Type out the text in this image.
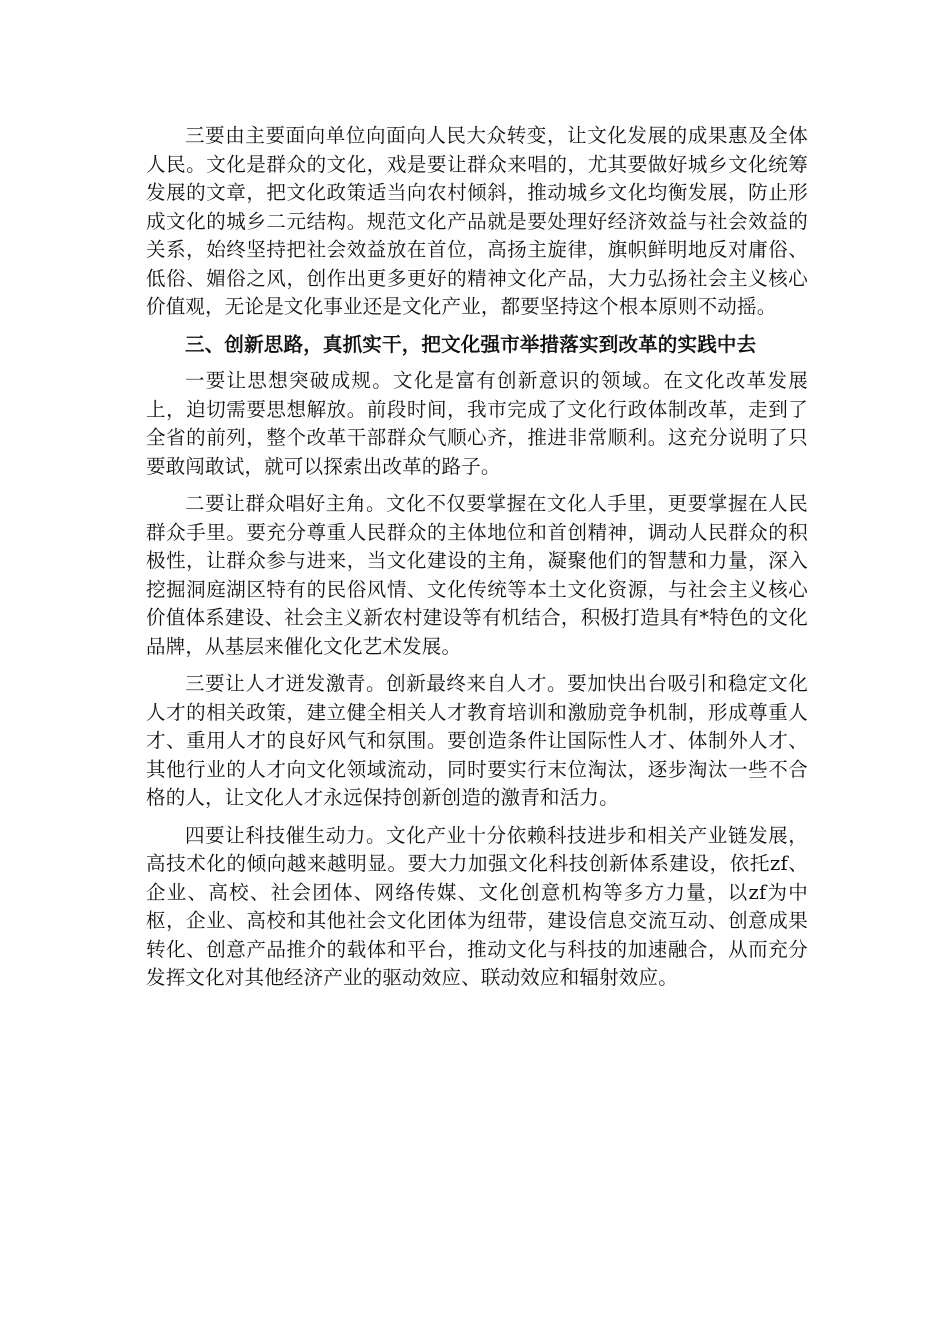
三要由主要面向单位向面向人民大众转变，让文化发展的成果惠及全体人民。文化是群众的文化，戏是要让群众来唱的，尤其要做好城乡文化统筹发展的文章，把文化政策适当向农村倾斜，推动城乡文化均衡发展，防止形成文化的城乡二元结构。规范文化产品就是要处理好经济效益与社会效益的关系，始终坚持把社会效益放在首位，高扬主旋律，旗帜鲜明地反对庸俗、低俗、媚俗之风，创作出更多更好的精神文化产品，大力弘扬社会主义核心价值观，无论是文化事业还是文化产业，都要坚持这个根本原则不动摇。

三、创新思路，真抓实干，把文化强市举措落实到改革的实践中去

一要让思想突破成规。文化是富有创新意识的领域。在文化改革发展上，迫切需要思想解放。前段时间，我市完成了文化行政体制改革，走到了全省的前列，整个改革干部群众气顺心齐，推进非常顺利。这充分说明了只要敢闯敢试，就可以探索出改革的路子。

二要让群众唱好主角。文化不仅要掌握在文化人手里，更要掌握在人民群众手里。要充分尊重人民群众的主体地位和首创精神，调动人民群众的积极性，让群众参与进来，当文化建设的主角，凝聚他们的智慧和力量，深入挖掘洞庭湖区特有的民俗风情、文化传统等本土文化资源，与社会主义核心价值体系建设、社会主义新农村建设等有机结合，积极打造具有*特色的文化品牌，从基层来催化文化艺术发展。

三要让人才迸发激青。创新最终来自人才。要加快出台吸引和稳定文化人才的相关政策，建立健全相关人才教育培训和激励竞争机制，形成尊重人才、重用人才的良好风气和氛围。要创造条件让国际性人才、体制外人才、其他行业的人才向文化领域流动，同时要实行末位淘汰，逐步淘汰一些不合格的人，让文化人才永远保持创新创造的激青和活力。

四要让科技催生动力。文化产业十分依赖科技进步和相关产业链发展，高技术化的倾向越来越明显。要大力加强文化科技创新体系建设，依托zf、企业、高校、社会团体、网络传媒、文化创意机构等多方力量，以zf为中枢，企业、高校和其他社会文化团体为纽带，建设信息交流互动、创意成果转化、创意产品推介的载体和平台，推动文化与科技的加速融合，从而充分发挥文化对其他经济产业的驱动效应、联动效应和辐射效应。
